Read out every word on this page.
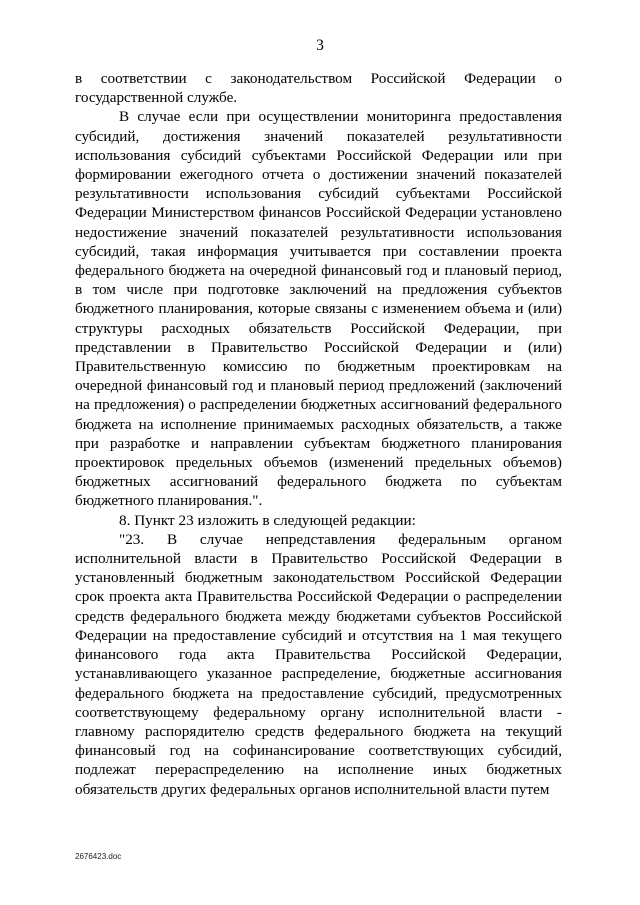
3

в соответствии с законодательством Российской Федерации о государственной службе.

В случае если при осуществлении мониторинга предоставления субсидий, достижения значений показателей результативности использования субсидий субъектами Российской Федерации или при формировании ежегодного отчета о достижении значений показателей результативности использования субсидий субъектами Российской Федерации Министерством финансов Российской Федерации установлено недостижение значений показателей результативности использования субсидий, такая информация учитывается при составлении проекта федерального бюджета на очередной финансовый год и плановый период, в том числе при подготовке заключений на предложения субъектов бюджетного планирования, которые связаны с изменением объема и (или) структуры расходных обязательств Российской Федерации, при представлении в Правительство Российской Федерации и (или) Правительственную комиссию по бюджетным проектировкам на очередной финансовый год и плановый период предложений (заключений на предложения) о распределении бюджетных ассигнований федерального бюджета на исполнение принимаемых расходных обязательств, а также при разработке и направлении субъектам бюджетного планирования проектировок предельных объемов (изменений предельных объемов) бюджетных ассигнований федерального бюджета по субъектам бюджетного планирования.".

8. Пункт 23 изложить в следующей редакции:

"23. В случае непредставления федеральным органом исполнительной власти в Правительство Российской Федерации в установленный бюджетным законодательством Российской Федерации срок проекта акта Правительства Российской Федерации о распределении средств федерального бюджета между бюджетами субъектов Российской Федерации на предоставление субсидий и отсутствия на 1 мая текущего финансового года акта Правительства Российской Федерации, устанавливающего указанное распределение, бюджетные ассигнования федерального бюджета на предоставление субсидий, предусмотренных соответствующему федеральному органу исполнительной власти - главному распорядителю средств федерального бюджета на текущий финансовый год на софинансирование соответствующих субсидий, подлежат перераспределению на исполнение иных бюджетных обязательств других федеральных органов исполнительной власти путем

2676423.doc
